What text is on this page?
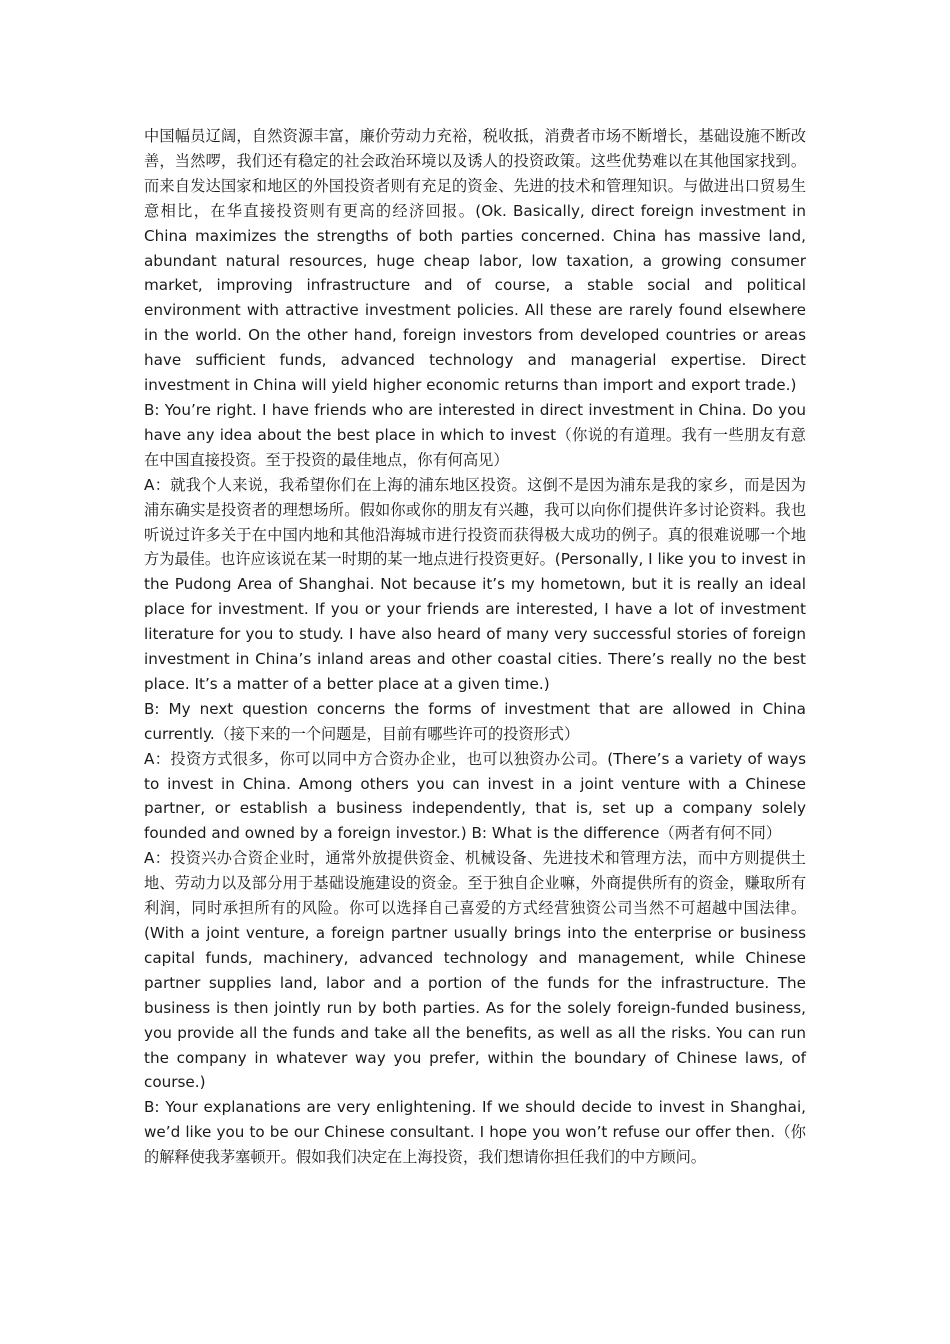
中国幅员辽阔，自然资源丰富，廉价劳动力充裕，税收抵，消费者市场不断增长，基础设施不断改善，当然啰，我们还有稳定的社会政治环境以及诱人的投资政策。这些优势难以在其他国家找到。而来自发达国家和地区的外国投资者则有充足的资金、先进的技术和管理知识。与做进出口贸易生意相比，在华直接投资则有更高的经济回报。(Ok. Basically, direct foreign investment in China maximizes the strengths of both parties concerned. China has massive land, abundant natural resources, huge cheap labor, low taxation, a growing consumer market, improving infrastructure and of course, a stable social and political environment with attractive investment policies. All these are rarely found elsewhere in the world. On the other hand, foreign investors from developed countries or areas have sufficient funds, advanced technology and managerial expertise. Direct investment in China will yield higher economic returns than import and export trade.)

B: You’re right. I have friends who are interested in direct investment in China. Do you have any idea about the best place in which to invest（你说的有道理。我有一些朋友有意在中国直接投资。至于投资的最佳地点，你有何高见）

A：就我个人来说，我希望你们在上海的浦东地区投资。这倒不是因为浦东是我的家乡，而是因为浦东确实是投资者的理想场所。假如你或你的朋友有兴趣，我可以向你们提供许多讨论资料。我也听说过许多关于在中国内地和其他沿海城市进行投资而获得极大成功的例子。真的很难说哪一个地方为最佳。也许应该说在某一时期的某一地点进行投资更好。(Personally, I like you to invest in the Pudong Area of Shanghai. Not because it’s my hometown, but it is really an ideal place for investment. If you or your friends are interested, I have a lot of investment literature for you to study. I have also heard of many very successful stories of foreign investment in China’s inland areas and other coastal cities. There’s really no the best place. It’s a matter of a better place at a given time.)

B: My next question concerns the forms of investment that are allowed in China currently.（接下来的一个问题是，目前有哪些许可的投资形式）

A：投资方式很多，你可以同中方合资办企业，也可以独资办公司。(There’s a variety of ways to invest in China. Among others you can invest in a joint venture with a Chinese partner, or establish a business independently, that is, set up a company solely founded and owned by a foreign investor.) B: What is the difference（两者有何不同）

A：投资兴办合资企业时，通常外放提供资金、机械设备、先进技术和管理方法，而中方则提供土地、劳动力以及部分用于基础设施建设的资金。至于独自企业嘛，外商提供所有的资金，赚取所有利润，同时承担所有的风险。你可以选择自己喜爱的方式经营独资公司当然不可超越中国法律。(With a joint venture, a foreign partner usually brings into the enterprise or business capital funds, machinery, advanced technology and management, while Chinese partner supplies land, labor and a portion of the funds for the infrastructure. The business is then jointly run by both parties. As for the solely foreign-funded business, you provide all the funds and take all the benefits, as well as all the risks. You can run the company in whatever way you prefer, within the boundary of Chinese laws, of course.)

B: Your explanations are very enlightening. If we should decide to invest in Shanghai, we’d like you to be our Chinese consultant. I hope you won’t refuse our offer then.（你的解释使我茅塞顿开。假如我们决定在上海投资，我们想请你担任我们的中方顾问。
